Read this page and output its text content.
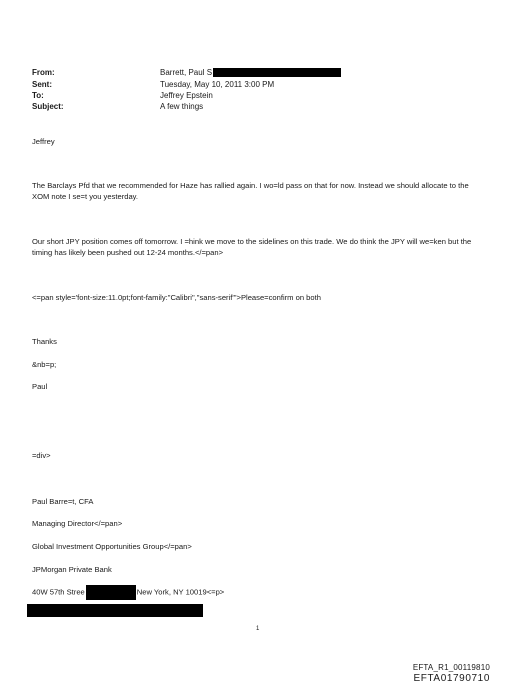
From:	Barrett, Paul S
Sent:	Tuesday, May 10, 2011 3:00 PM
To:	Jeffrey Epstein
Subject:	A few things
Jeffrey
The Barclays Pfd that we recommended for Haze has rallied again. I wo=ld pass on that for now. Instead we should allocate to the XOM note I se=t you yesterday.
Our short JPY position comes off tomorrow. I =hink we move to the sidelines on this trade. We do think the JPY will we=ken but the timing has likely been pushed out 12-24 months.</=pan>
<=pan style='font-size:11.0pt;font-family:"Calibri","sans-serif"'>Please=confirm on both
Thanks
&nb=p;
Paul
=div>
Paul Barre=t, CFA
Managing Director</=pan>
Global Investment Opportunities Group</=pan>
JPMorgan Private Bank
40W 57th Stree	New York, NY 10019<=p>
1
EFTA_R1_00119810
EFTA01790710
